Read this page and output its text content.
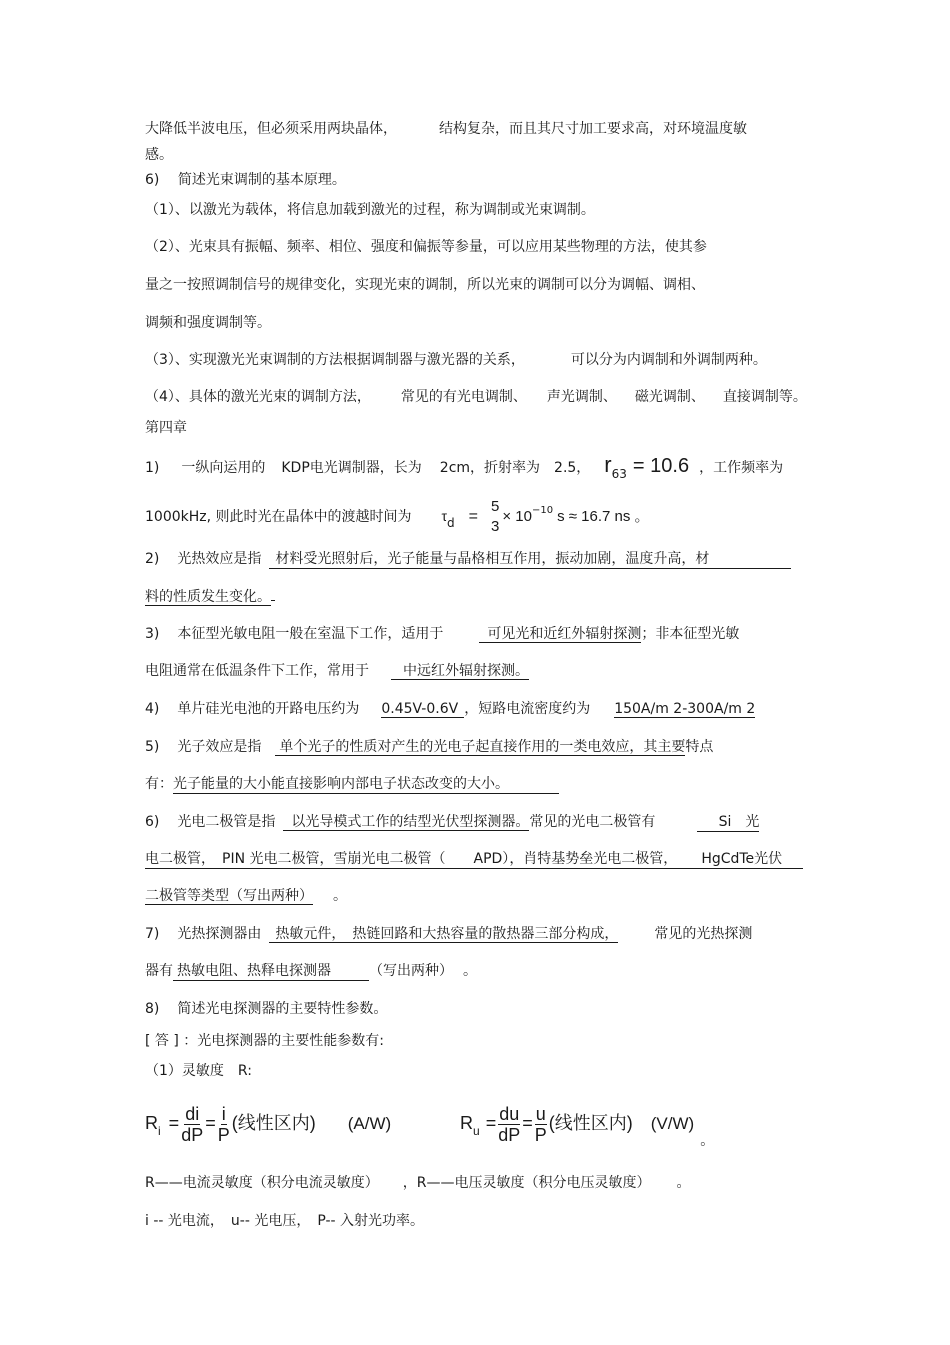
大降低半波电压，但必须采用两块晶体，	结构复杂，而且其尺寸加工要求高，对环境温度敏
感。
6)　 简述光束调制的基本原理。
（1）、以激光为载体，将信息加载到激光的过程，称为调制或光束调制。
（2）、光束具有振幅、频率、相位、强度和偏振等参量，可以应用某些物理的方法，使其参
量之一按照调制信号的规律变化，实现光束的调制，所以光束的调制可以分为调幅、调相、
调频和强度调制等。
（3）、实现激光光束调制的方法根据调制器与激光器的关系，	可以分为内调制和外调制两种。
（4）、具体的激光光束的调制方法， 常见的有光电调制、 声光调制、 磁光调制、 直接调制等。
第四章
1) 一纵向运用的 KDP电光调制器，长为 2cm，折射率为 2.5， r63 = 10.6 ，工作频率为
1000kHz, 则此时光在晶体中的渡越时间为 τd =
5
3
× $10^{-10}$ s ≈ 16.7 ns 。
2) 光热效应是指 材料受光照射后，光子能量与晶格相互作用，振动加剧，温度升高，材
料的性质发生变化。
3) 本征型光敏电阻一般在室温下工作，适用于	可见光和近红外辐射探测；非本征型光敏
电阻通常在低温条件下工作，常用于 中远红外辐射探测。
4) 单片硅光电池的开路电压约为 0.45V-0.6V ，短路电流密度约为 150A/m 2-300A/m 2
5) 光子效应是指 单个光子的性质对产生的光电子起直接作用的一类电效应，其主要特点
有：光子能量的大小能直接影响内部电子状态改变的大小。
6) 光电二极管是指 以光导模式工作的结型光伏型探测器。常见的光电二极管有	Si　光
电二极管，　PIN 光电二极管，雪崩光电二极管（ APD），肖特基势垒光电二极管， HgCdTe光伏
二极管等类型（写出两种） 。
7) 光热探测器由 热敏元件，　热链回路和大热容量的散热器三部分构成，	常见的光热探测
器有 热敏电阻、热释电探测器	（写出两种） 。
8) 简述光电探测器的主要特性参数。
[ 答 ] ：光电探测器的主要性能参数有:
（1）灵敏度　R:
$R_i = \frac{di}{dP} = \frac{i}{P}$ (线性区内) (A/W)	$R_u = \frac{du}{dP} = \frac{u}{P}$ (线性区内) $(V/W)_。$
R——电流灵敏度（积分电流灵敏度） ，R——电压灵敏度（积分电压灵敏度） 。
i -- 光电流，　u-- 光电压，　P-- 入射光功率。
